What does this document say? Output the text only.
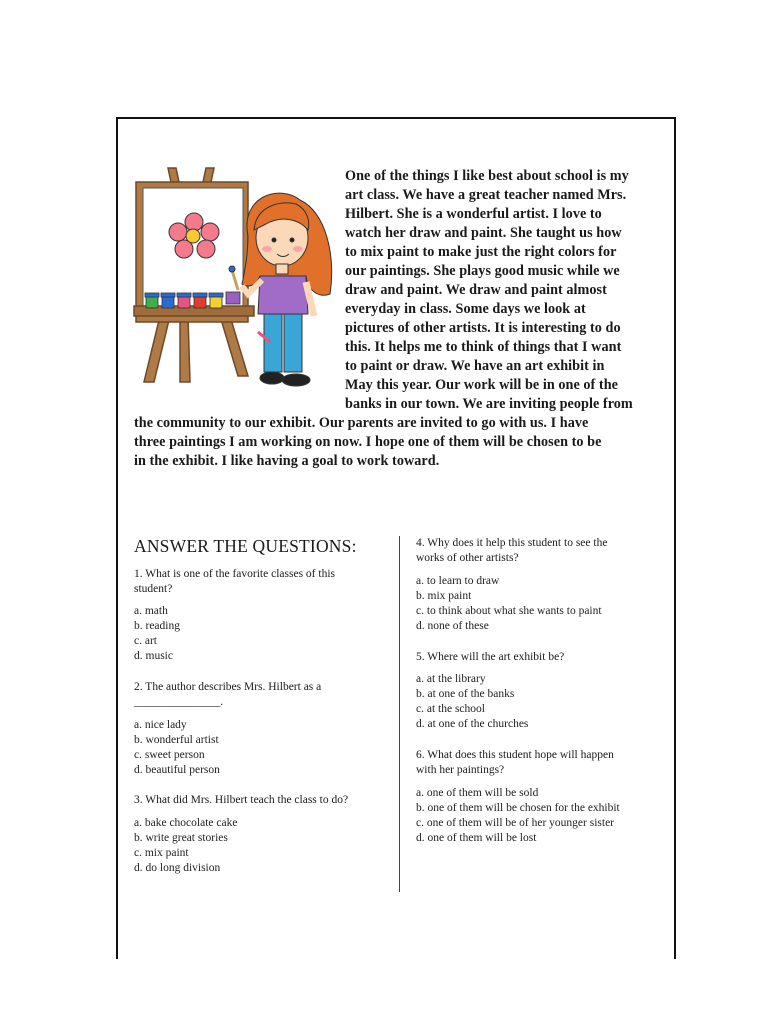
One of the things I like best about school is my
art class. We have a great teacher named Mrs.
Hilbert. She is a wonderful artist. I love to
watch her draw and paint. She taught us how
to mix paint to make just the right colors for
our paintings. She plays good music while we
draw and paint. We draw and paint almost
everyday in class. Some days we look at
pictures of other artists. It is interesting to do
this. It helps me to think of things that I want
to paint or draw. We have an art exhibit in
May this year. Our work will be in one of the
banks in our town. We are inviting people from
the community to our exhibit. Our parents are invited to go with us. I have
three paintings I am working on now. I hope one of them will be chosen to be
in the exhibit. I like having a goal to work toward.
ANSWER THE QUESTIONS:
1. What is one of the favorite classes of this
student?
a. math
b. reading
c. art
d. music
2. The author describes Mrs. Hilbert as a
_______________.
a. nice lady
b. wonderful artist
c. sweet person
d. beautiful person
3. What did Mrs. Hilbert teach the class to do?
a. bake chocolate cake
b. write great stories
c. mix paint
d. do long division
4. Why does it help this student to see the
works of other artists?
a. to learn to draw
b. mix paint
c. to think about what she wants to paint
d. none of these
5. Where will the art exhibit be?
a. at the library
b. at one of the banks
c. at the school
d. at one of the churches
6. What does this student hope will happen
with her paintings?
a. one of them will be sold
b. one of them will be chosen for the exhibit
c. one of them will be of her younger sister
d. one of them will be lost
